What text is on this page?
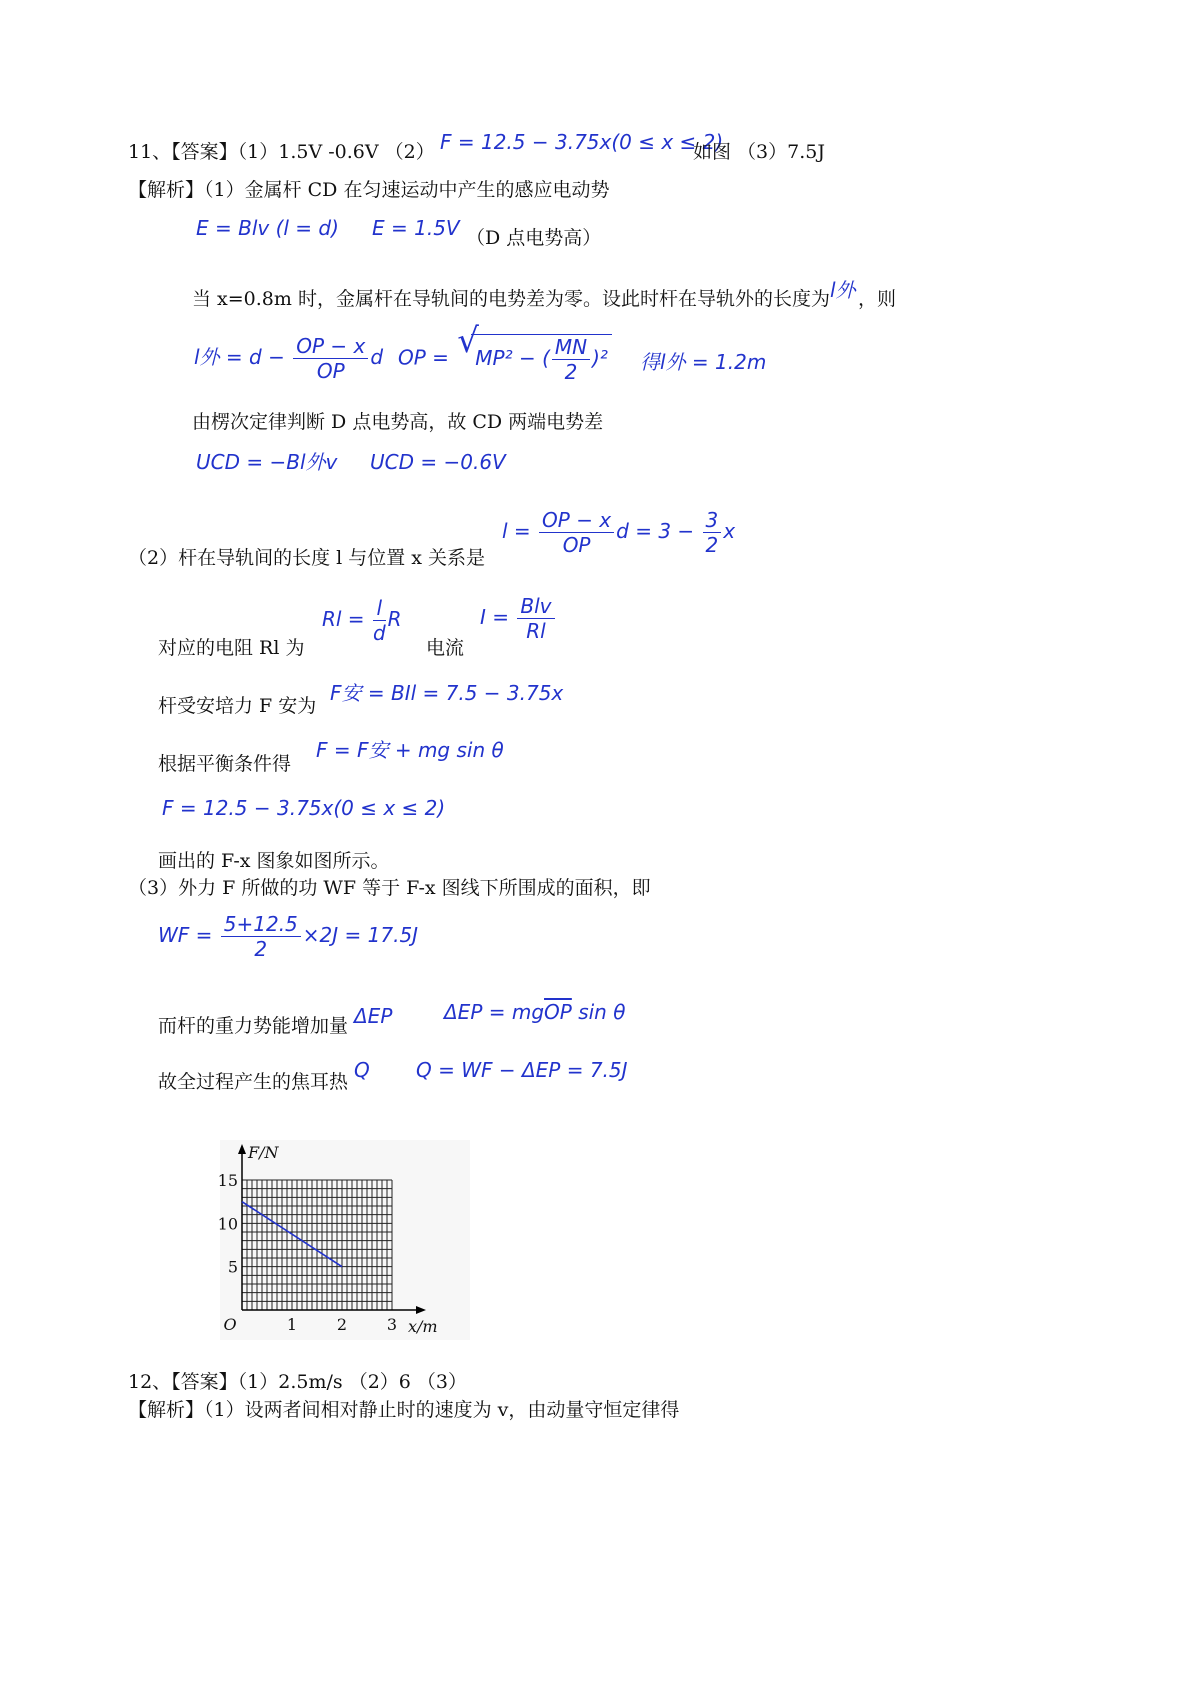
11、【答案】（1）1.5V -0.6V （2） F = 12.5 − 3.75x(0 ≤ x ≤ 2)
如图 （3）7.5J
【解析】（1）金属杆 CD 在匀速运动中产生的感应电动势
E = Blv (l = d) E = 1.5V （D 点电势高）
当 x=0.8m 时，金属杆在导轨间的电势差为零。设此时杆在导轨外的长度为 l外 ，则
l外 = $d - \frac{OP - x}{OP}$ d OP = √ MP² − ( $\frac{MN}{2} )^2$ 得l外 = 1.2m
由楞次定律判断 D 点电势高，故 CD 两端电势差
UCD = −Bl外v UCD = −0.6V
（2）杆在导轨间的长度 l 与位置 x 关系是
$l = \frac{OP - x}{OP}$ $d = 3 - \frac{3}{2}$ x
对应的电阻 Rl 为
$Rl = \frac{l}{d}$ R
电流
$I = \frac{\text{Blv}}{Rl}$
杆受安培力 F 安为
F安 = BIl = 7.5 − 3.75x
根据平衡条件得
F = F安 + mg sin θ
F = 12.5 − 3.75x(0 ≤ x ≤ 2)
画出的 F-x 图象如图所示。
（3）外力 F 所做的功 WF 等于 F-x 图线下所围成的面积，即
WF = $\frac{5+12.5}{2} \times 2J = 17.5J$
而杆的重力势能增加量 ΔEP	$\Delta EP = mg\overline{OP}$ sin θ
故全过程产生的焦耳热 Q Q = WF − ΔEP = 7.5J
1 2 3
5
10
15
O
F/N
x/m
12、【答案】（1）2.5m/s （2）6 （3）
【解析】（1）设两者间相对静止时的速度为 v，由动量守恒定律得
